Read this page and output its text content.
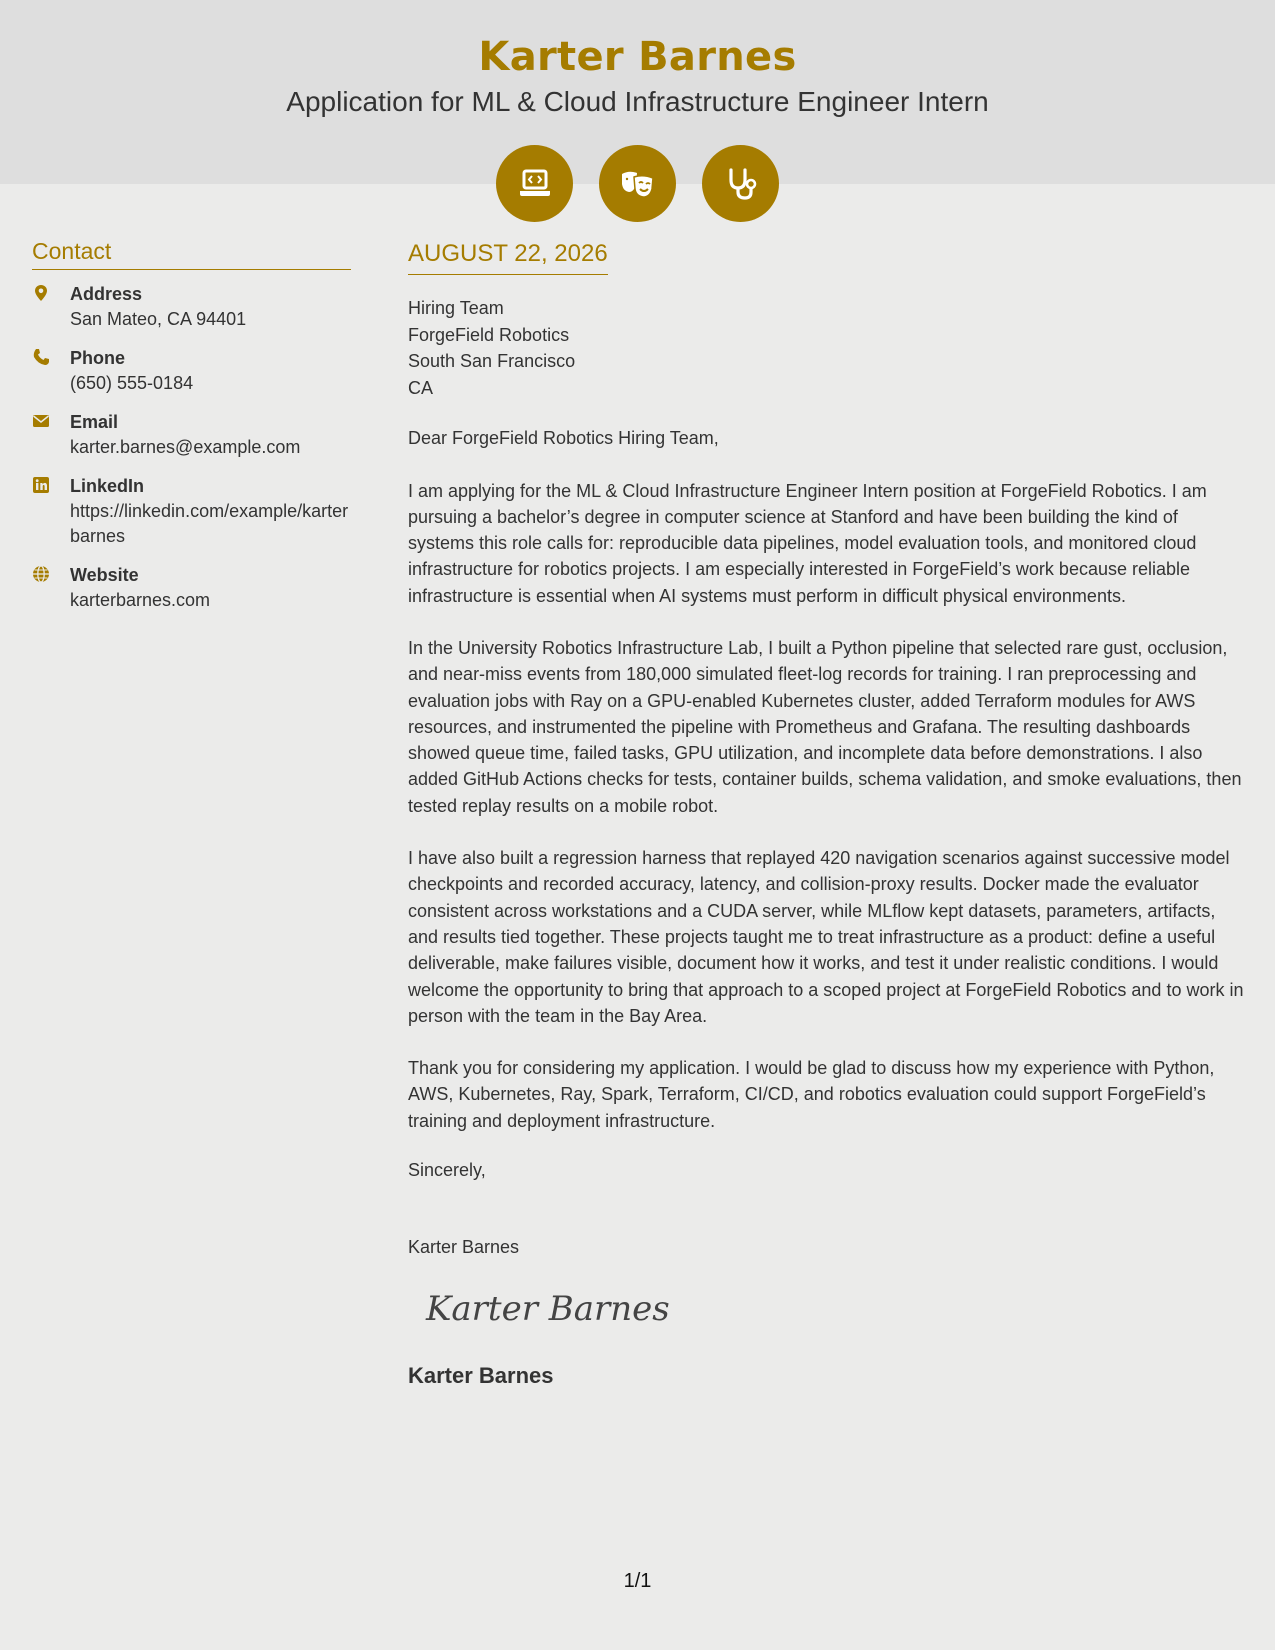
Karter Barnes
Application for ML & Cloud Infrastructure Engineer Intern
Contact
Address
San Mateo, CA 94401
Phone
(650) 555-0184
Email
karter.barnes@example.com
LinkedIn
https://linkedin.com/example/karterbarnes
Website
karterbarnes.com
AUGUST 22, 2026
Hiring Team
ForgeField Robotics
South San Francisco
CA
Dear ForgeField Robotics Hiring Team,

I am applying for the ML & Cloud Infrastructure Engineer Intern position at ForgeField Robotics. I am pursuing a bachelor’s degree in computer science at Stanford and have been building the kind of systems this role calls for: reproducible data pipelines, model evaluation tools, and monitored cloud infrastructure for robotics projects. I am especially interested in ForgeField’s work because reliable infrastructure is essential when AI systems must perform in difficult physical environments.

In the University Robotics Infrastructure Lab, I built a Python pipeline that selected rare gust, occlusion, and near-miss events from 180,000 simulated fleet-log records for training. I ran preprocessing and evaluation jobs with Ray on a GPU-enabled Kubernetes cluster, added Terraform modules for AWS resources, and instrumented the pipeline with Prometheus and Grafana. The resulting dashboards showed queue time, failed tasks, GPU utilization, and incomplete data before demonstrations. I also added GitHub Actions checks for tests, container builds, schema validation, and smoke evaluations, then tested replay results on a mobile robot.

I have also built a regression harness that replayed 420 navigation scenarios against successive model checkpoints and recorded accuracy, latency, and collision-proxy results. Docker made the evaluator consistent across workstations and a CUDA server, while MLflow kept datasets, parameters, artifacts, and results tied together. These projects taught me to treat infrastructure as a product: define a useful deliverable, make failures visible, document how it works, and test it under realistic conditions. I would welcome the opportunity to bring that approach to a scoped project at ForgeField Robotics and to work in person with the team in the Bay Area.

Thank you for considering my application. I would be glad to discuss how my experience with Python, AWS, Kubernetes, Ray, Spark, Terraform, CI/CD, and robotics evaluation could support ForgeField’s training and deployment infrastructure.

Sincerely,
Karter Barnes
Karter Barnes
Karter Barnes
1/1
